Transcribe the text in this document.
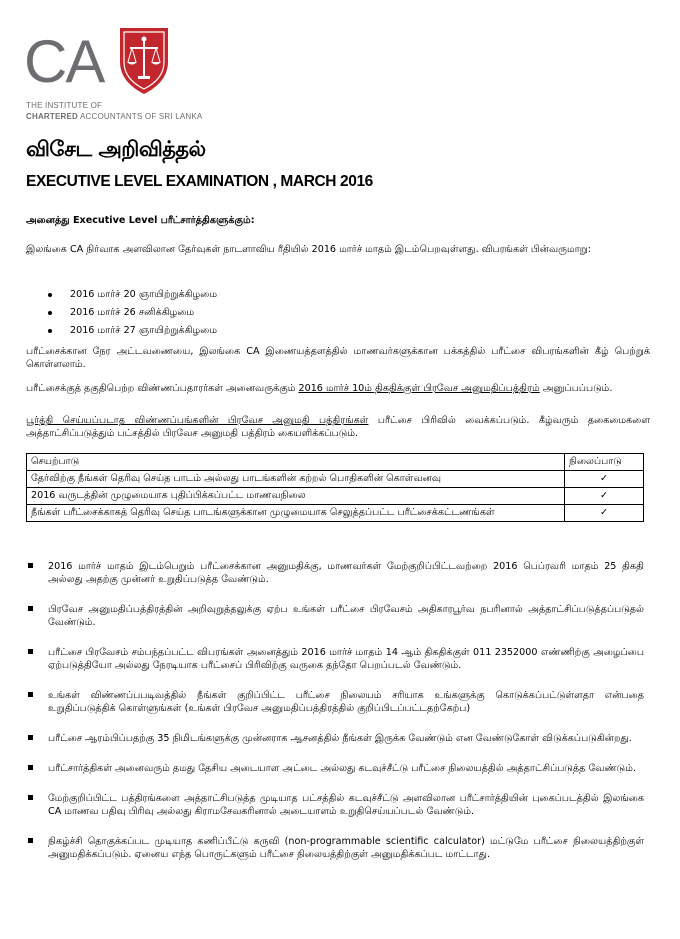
CA
THE INSTITUTE OF
CHARTERED ACCOUNTANTS OF SRI LANKA
விசேட அறிவித்தல்
EXECUTIVE LEVEL EXAMINATION , MARCH 2016
அனைத்து Executive Level பரீட்சார்த்திகளுக்கும்:
இலங்கை CA நிர்வாக அளவிலான தேர்வுகள் நாடளாவிய ரீதியில் 2016 மார்ச் மாதம் இடம்பெறவுள்ளது. விபரங்கள் பின்வருமாறு:
2016 மார்ச் 20 ஞாயிற்றுக்கிழமை
2016 மார்ச் 26 சனிக்கிழமை
2016 மார்ச் 27 ஞாயிற்றுக்கிழமை
பரீட்சைக்கான நேர அட்டவணையை, இலங்கை CA இணையத்தளத்தில் மாணவர்களுக்கான பக்கத்தில் பரீட்சை விபரங்களின் கீழ் பெற்றுக் கொள்ளலாம்.
பரீட்சைக்குத் தகுதிபெற்ற விண்ணப்பதாரர்கள் அனைவருக்கும் 2016 மார்ச் 10ம் திகதிக்குள் பிரவேச அனுமதிப்பத்திரம் அனுப்பப்படும்.
பூர்த்தி செய்யப்படாத விண்ணப்பங்களின் பிரவேச அனுமதி பத்திரங்கள் பரீட்சை பிரிவில் வைக்கப்படும். கீழ்வரும் தகைமைகளை அத்தாட்சிப்படுத்தும் பட்சத்தில் பிரவேச அனுமதி பத்திரம் கையளிக்கப்படும்.
செயற்பாடு	நிலைப்பாடு
தேர்விற்கு நீங்கள் தெரிவு செய்த பாடம் அல்லது பாடங்களின் கற்றல் பொதிகளின் கொள்வனவு	✓
2016 வருடத்தின் முழுமையாக புதிப்பிக்கப்பட்ட மாணவநிலை	✓
நீங்கள் பரீட்சைக்காகத் தெரிவு செய்த பாடங்களுக்கான முழுமையாக செலுத்தப்பட்ட பரீட்சைக்கட்டணங்கள்	✓
2016 மார்ச் மாதம் இடம்பெறும் பரீட்சைக்கான அனுமதிக்கு, மாணவர்கள் மேற்குறிப்பிட்டவற்றை 2016 பெப்ரவரி மாதம் 25 திகதி அல்லது அதற்கு முன்னர் உறுதிப்படுத்த வேண்டும்.
பிரவேச அனுமதிப்பத்திரத்தின் அறிவுறுத்தலுக்கு ஏற்ப உங்கள் பரீட்சை பிரவேசம் அதிகாரபூர்வ நபரினால் அத்தாட்சிப்படுத்தப்படுதல் வேண்டும்.
பரீட்சை பிரவேசம் சம்பந்தப்பட்ட விபரங்கள் அனைத்தும் 2016 மார்ச் மாதம் 14 ஆம் திகதிக்குள் 011 2352000 எண்ணிற்கு அழைப்பை ஏற்படுத்தியோ அல்லது நேரடியாக பரீட்சைப் பிரிவிற்கு வருகை தந்தோ பெறப்படல் வேண்டும்.
உங்கள் விண்ணப்பபடிவத்தில் நீங்கள் குறிப்பிட்ட பரீட்சை நிலையம் சரியாக உங்களுக்கு கொடுக்கப்பட்டுள்ளதா என்பதை உறுதிப்படுத்திக் கொள்ளுங்கள் (உங்கள் பிரவேச அனுமதிப்பத்திரத்தில் குறிப்பிடப்பட்டதற்கேற்ப)
பரீட்சை ஆரம்பிப்பதற்கு 35 நிமிடங்களுக்கு முன்னராக ஆசனத்தில் நீங்கள் இருக்க வேண்டும் என வேண்டுகோள் விடுக்கப்படுகின்றது.
பரீட்சார்த்திகள் அனைவரும் தமது தேசிய அடையாள அட்டை அல்லது கடவுச்சீட்டு பரீட்சை நிலையத்தில் அத்தாட்சிப்படுத்த வேண்டும்.
மேற்குறிப்பிட்ட பத்திரங்களை அத்தாட்சிபடுத்த முடியாத பட்சத்தில் கடவுச்சீட்டு அளவிலான பரீட்சார்த்தியின் புகைப்படத்தில் இலங்கை CA மாணவ பதிவு பிரிவு அல்லது கிராமசேவகரினால் அடையாளம் உறுதிசெய்யப்படல் வேண்டும்.
நிகழ்ச்சி தொகுக்கப்பட முடியாத கணிப்பீட்டு கருவி (non-programmable scientific calculator) மட்டுமே பரீட்சை நிலையத்திற்குள் அனுமதிக்கப்படும். ஏனைய எந்த பொருட்களும் பரீட்சை நிலையத்திற்குள் அனுமதிக்கப்பட மாட்டாது.
